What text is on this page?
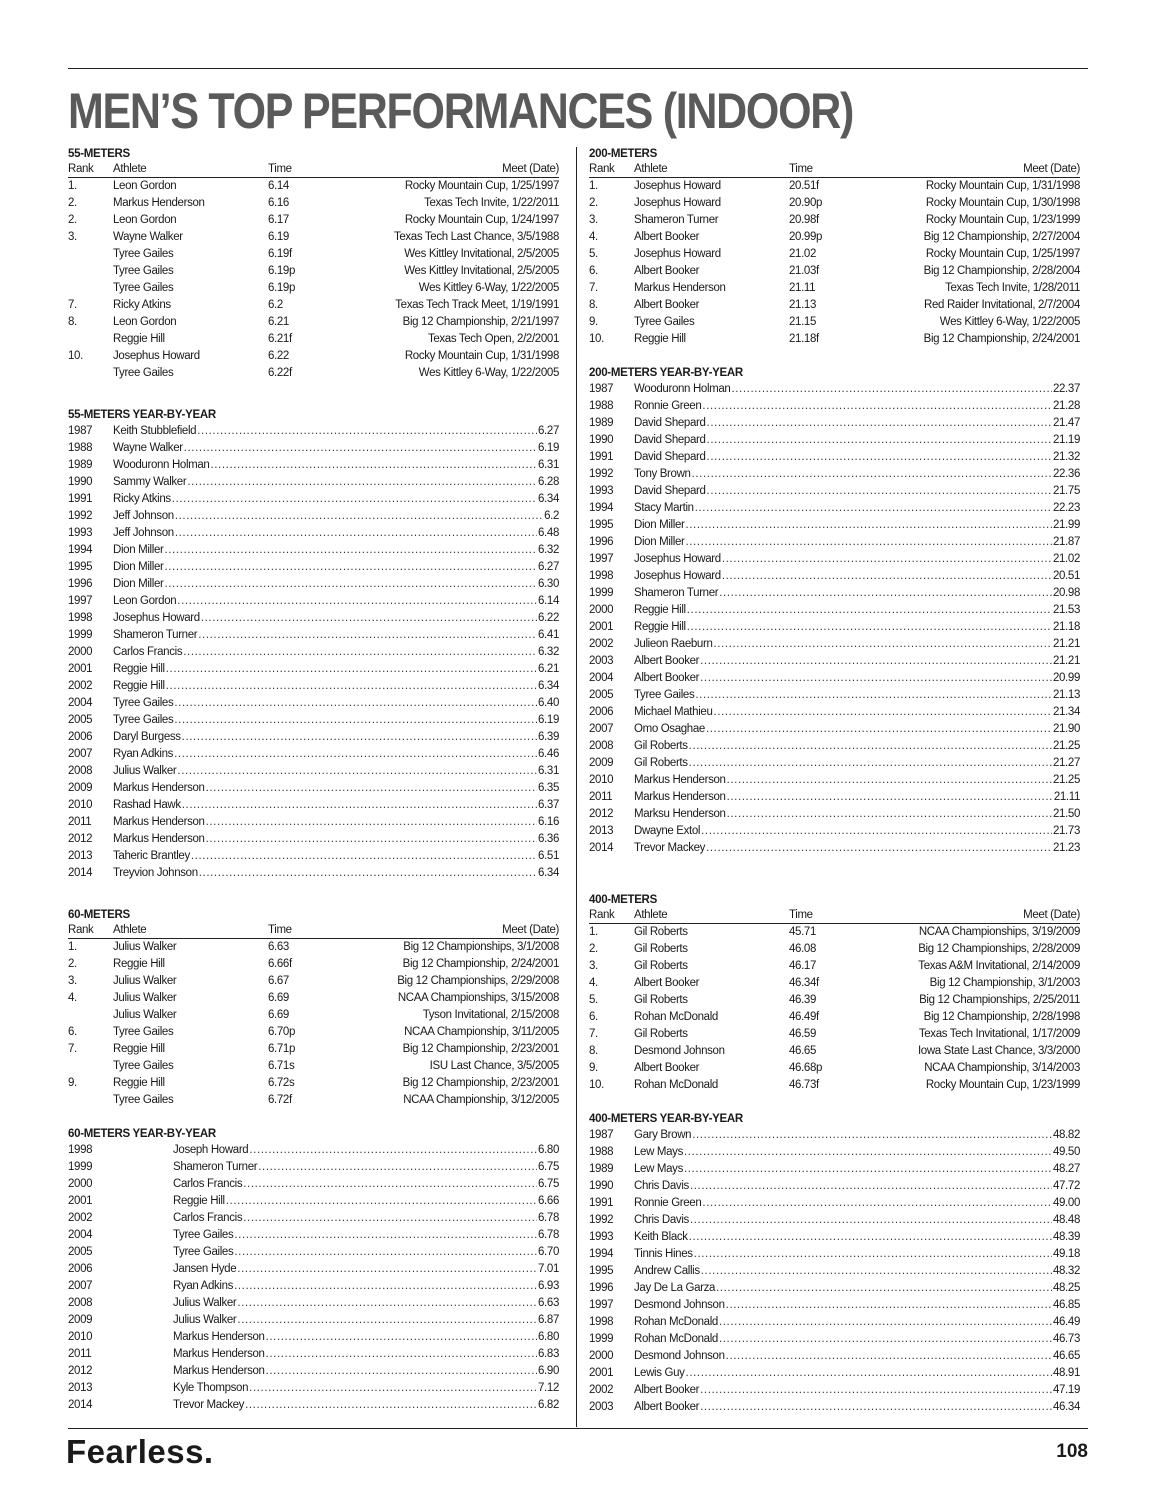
MEN’S TOP PERFORMANCES (INDOOR)
55-METERS
Rank Athlete	Time	Meet (Date)
1.	Leon Gordon	6.14	Rocky Mountain Cup, 1/25/1997
2.	Markus Henderson	6.16	Texas Tech Invite, 1/22/2011
2.	Leon Gordon	6.17	Rocky Mountain Cup, 1/24/1997
3.	Wayne Walker	6.19	Texas Tech Last Chance, 3/5/1988
Tyree Gailes	6.19f	Wes Kittley Invitational, 2/5/2005
Tyree Gailes	6.19p	Wes Kittley Invitational, 2/5/2005
Tyree Gailes	6.19p	Wes Kittley 6-Way, 1/22/2005
7.	Ricky Atkins	6.2	Texas Tech Track Meet, 1/19/1991
8.	Leon Gordon	6.21	Big 12 Championship, 2/21/1997
Reggie Hill	6.21f	Texas Tech Open, 2/2/2001
10.	Josephus Howard	6.22	Rocky Mountain Cup, 1/31/1998
Tyree Gailes	6.22f	Wes Kittley 6-Way, 1/22/2005
55-METERS YEAR-BY-YEAR
1987	Keith Stubblefield .....	6.27
1988	Wayne Walker .....	6.19
1989	Wooduronn Holman .....	6.31
1990	Sammy Walker .....	6.28
1991	Ricky Atkins .....	6.34
1992	Jeff Johnson .....	6.2
1993	Jeff Johnson .....	6.48
1994	Dion Miller .....	6.32
1995	Dion Miller .....	6.27
1996	Dion Miller .....	6.30
1997	Leon Gordon .....	6.14
1998	Josephus Howard .....	6.22
1999	Shameron Turner .....	6.41
2000	Carlos Francis .....	6.32
2001	Reggie Hill .....	6.21
2002	Reggie Hill .....	6.34
2004	Tyree Gailes .....	6.40
2005	Tyree Gailes .....	6.19
2006	Daryl Burgess .....	6.39
2007	Ryan Adkins .....	6.46
2008	Julius Walker .....	6.31
2009	Markus Henderson .....	6.35
2010	Rashad Hawk .....	6.37
2011	Markus Henderson .....	6.16
2012	Markus Henderson .....	6.36
2013	Taheric Brantley .....	6.51
2014	Treyvion Johnson .....	6.34
60-METERS
Rank Athlete	Time	Meet (Date)
1.	Julius Walker	6.63	Big 12 Championships, 3/1/2008
2.	Reggie Hill	6.66f	Big 12 Championship, 2/24/2001
3.	Julius Walker	6.67	Big 12 Championships, 2/29/2008
4.	Julius Walker	6.69	NCAA Championships, 3/15/2008
Julius Walker	6.69	Tyson Invitational, 2/15/2008
6.	Tyree Gailes	6.70p	NCAA Championship, 3/11/2005
7.	Reggie Hill	6.71p	Big 12 Championship, 2/23/2001
Tyree Gailes	6.71s	ISU Last Chance, 3/5/2005
9.	Reggie Hill	6.72s	Big 12 Championship, 2/23/2001
Tyree Gailes	6.72f	NCAA Championship, 3/12/2005
60-METERS YEAR-BY-YEAR
1998	Joseph Howard .....	6.80
1999	Shameron Turner .....	6.75
2000	Carlos Francis .....	6.75
2001	Reggie Hill .....	6.66
2002	Carlos Francis .....	6.78
2004	Tyree Gailes .....	6.78
2005	Tyree Gailes .....	6.70
2006	Jansen Hyde .....	7.01
2007	Ryan Adkins .....	6.93
2008	Julius Walker .....	6.63
2009	Julius Walker .....	6.87
2010	Markus Henderson .....	6.80
2011	Markus Henderson .....	6.83
2012	Markus Henderson .....	6.90
2013	Kyle Thompson .....	7.12
2014	Trevor Mackey .....	6.82
200-METERS
Rank Athlete	Time	Meet (Date)
1.	Josephus Howard	20.51f	Rocky Mountain Cup, 1/31/1998
2.	Josephus Howard	20.90p	Rocky Mountain Cup, 1/30/1998
3.	Shameron Turner	20.98f	Rocky Mountain Cup, 1/23/1999
4.	Albert Booker	20.99p	Big 12 Championship, 2/27/2004
5.	Josephus Howard	21.02	Rocky Mountain Cup, 1/25/1997
6.	Albert Booker	21.03f	Big 12 Championship, 2/28/2004
7.	Markus Henderson	21.11	Texas Tech Invite, 1/28/2011
8.	Albert Booker	21.13	Red Raider Invitational, 2/7/2004
9.	Tyree Gailes	21.15	Wes Kittley 6-Way, 1/22/2005
10.	Reggie Hill	21.18f	Big 12 Championship, 2/24/2001
200-METERS YEAR-BY-YEAR
1987	Wooduronn Holman .....	22.37
1988	Ronnie Green .....	21.28
1989	David Shepard .....	21.47
1990	David Shepard .....	21.19
1991	David Shepard .....	21.32
1992	Tony Brown .....	22.36
1993	David Shepard .....	21.75
1994	Stacy Martin .....	22.23
1995	Dion Miller .....	21.99
1996	Dion Miller .....	21.87
1997	Josephus Howard .....	21.02
1998	Josephus Howard .....	20.51
1999	Shameron Turner .....	20.98
2000	Reggie Hill .....	21.53
2001	Reggie Hill .....	21.18
2002	Julieon Raeburn .....	21.21
2003	Albert Booker .....	21.21
2004	Albert Booker .....	20.99
2005	Tyree Gailes .....	21.13
2006	Michael Mathieu .....	21.34
2007	Omo Osaghae .....	21.90
2008	Gil Roberts .....	21.25
2009	Gil Roberts .....	21.27
2010	Markus Henderson .....	21.25
2011	Markus Henderson .....	21.11
2012	Marksu Henderson .....	21.50
2013	Dwayne Extol .....	21.73
2014	Trevor Mackey .....	21.23
400-METERS
Rank Athlete	Time	Meet (Date)
1.	Gil Roberts	45.71	NCAA Championships, 3/19/2009
2.	Gil Roberts	46.08	Big 12 Championships, 2/28/2009
3.	Gil Roberts	46.17	Texas A&M Invitational, 2/14/2009
4.	Albert Booker	46.34f	Big 12 Championship, 3/1/2003
5.	Gil Roberts	46.39	Big 12 Championships, 2/25/2011
6.	Rohan McDonald	46.49f	Big 12 Championship, 2/28/1998
7.	Gil Roberts	46.59	Texas Tech Invitational, 1/17/2009
8.	Desmond Johnson	46.65	Iowa State Last Chance, 3/3/2000
9.	Albert Booker	46.68p	NCAA Championship, 3/14/2003
10.	Rohan McDonald	46.73f	Rocky Mountain Cup, 1/23/1999
400-METERS YEAR-BY-YEAR
1987	Gary Brown .....	48.82
1988	Lew Mays .....	49.50
1989	Lew Mays .....	48.27
1990	Chris Davis .....	47.72
1991	Ronnie Green .....	49.00
1992	Chris Davis .....	48.48
1993	Keith Black .....	48.39
1994	Tinnis Hines .....	49.18
1995	Andrew Callis .....	48.32
1996	Jay De La Garza .....	48.25
1997	Desmond Johnson .....	46.85
1998	Rohan McDonald .....	46.49
1999	Rohan McDonald .....	46.73
2000	Desmond Johnson .....	46.65
2001	Lewis Guy .....	48.91
2002	Albert Booker .....	47.19
2003	Albert Booker .....	46.34
Fearless.	108
